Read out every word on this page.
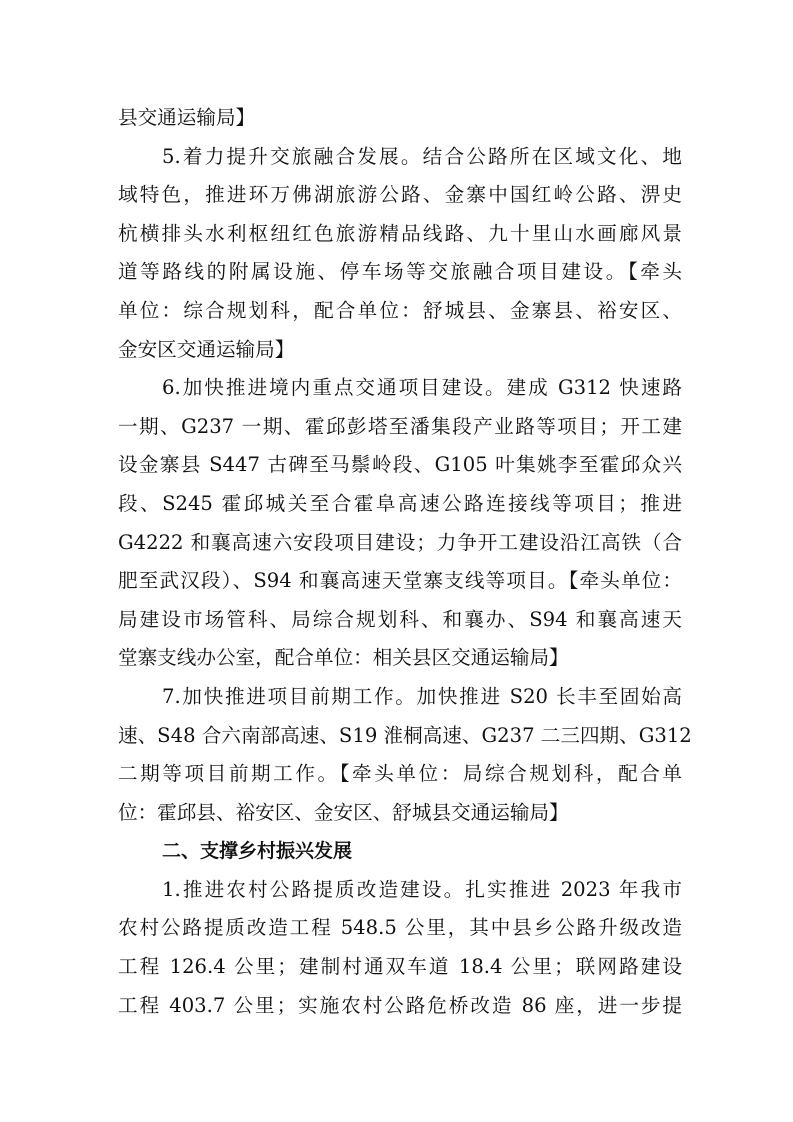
县交通运输局】
5.着力提升交旅融合发展。结合公路所在区域文化、地
域特色，推进环万佛湖旅游公路、金寨中国红岭公路、淠史
杭横排头水利枢纽红色旅游精品线路、九十里山水画廊风景
道等路线的附属设施、停车场等交旅融合项目建设。【牵头
单位：综合规划科，配合单位：舒城县、金寨县、裕安区、
金安区交通运输局】
6.加快推进境内重点交通项目建设。建成 G312 快速路
一期、G237 一期、霍邱彭塔至潘集段产业路等项目；开工建
设金寨县 S447 古碑至马鬃岭段、G105 叶集姚李至霍邱众兴
段、S245 霍邱城关至合霍阜高速公路连接线等项目；推进
G4222 和襄高速六安段项目建设；力争开工建设沿江高铁（合
肥至武汉段）、S94 和襄高速天堂寨支线等项目。【牵头单位：
局建设市场管科、局综合规划科、和襄办、S94 和襄高速天
堂寨支线办公室，配合单位：相关县区交通运输局】
7.加快推进项目前期工作。加快推进 S20 长丰至固始高
速、S48 合六南部高速、S19 淮桐高速、G237 二三四期、G312
二期等项目前期工作。【牵头单位：局综合规划科，配合单
位：霍邱县、裕安区、金安区、舒城县交通运输局】
二、支撑乡村振兴发展
1.推进农村公路提质改造建设。扎实推进 2023 年我市
农村公路提质改造工程 548.5 公里，其中县乡公路升级改造
工程 126.4 公里；建制村通双车道 18.4 公里；联网路建设
工程 403.7 公里；实施农村公路危桥改造 86 座，进一步提
